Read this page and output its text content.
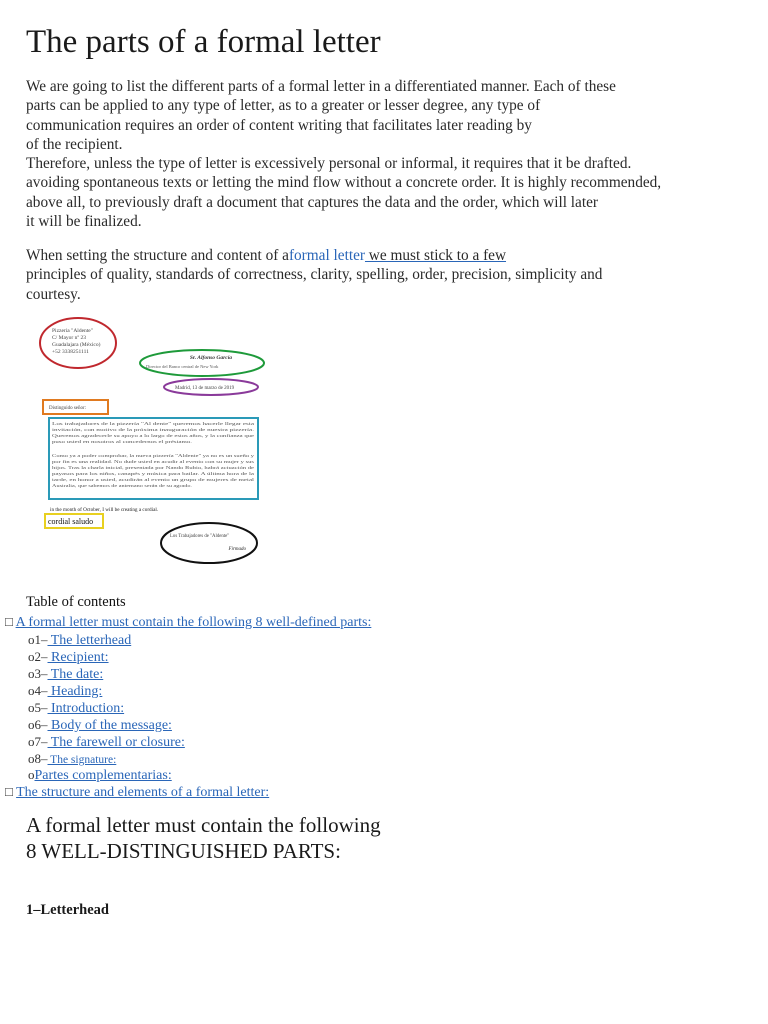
The parts of a formal letter
We are going to list the different parts of a formal letter in a differentiated manner. Each of these
parts can be applied to any type of letter, as to a greater or lesser degree, any type of
communication requires an order of content writing that facilitates later reading by
of the recipient.
Therefore, unless the type of letter is excessively personal or informal, it requires that it be drafted.
avoiding spontaneous texts or letting the mind flow without a concrete order. It is highly recommended,
above all, to previously draft a document that captures the data and the order, which will later
it will be finalized.
When setting the structure and content of aformal letter we must stick to a few
principles of quality, standards of correctness, clarity, spelling, order, precision, simplicity and
courtesy.
Pizzeria "Aldente"
C/ Mayor nº 23
Guadalajara (México)
+52 3338251111
Sr. Alfonso García
Director del Banco central de New York
Madrid, 13 de marzo de 2019
Distinguido señor:
Los trabajadores de la pizzería "Al dente" queremos hacerle llegar esta
invitación, con motivo de la próxima inauguración de nuestra pizzería.
Queremos agradecerle su apoyo a lo largo de estos años, y la confianza que
puso usted en nosotros al concedernos el préstamo.
Como ya a poder comprobar, la nueva pizzería "Aldente" ya no es un sueño y
por fin es una realidad. No dude usted en acudir al evento con su mujer y sus
hijos. Tras la charla inicial, presentada por Nando Rubio, habrá actuación de
payasos para los niños, canapés y música para bailar. A última hora de la
tarde, en honor a usted, acudirán al evento un grupo de mujeres de metal
Australia, que sabemos de antemano serán de su agrado.
in the month of October, I will be creating a cordial.
cordial saludo
Los Trabajadores de "Aldente"
Firmado
Table of contents
□ A formal letter must contain the following 8 well-defined parts:
o1– The letterhead
o2– Recipient:
o3– The date:
o4– Heading:
o5– Introduction:
o6– Body of the message:
o7– The farewell or closure:
o8– The signature:
oPartes complementarias:
□ The structure and elements of a formal letter:
A formal letter must contain the following
8 WELL-DISTINGUISHED PARTS:
1–Letterhead
